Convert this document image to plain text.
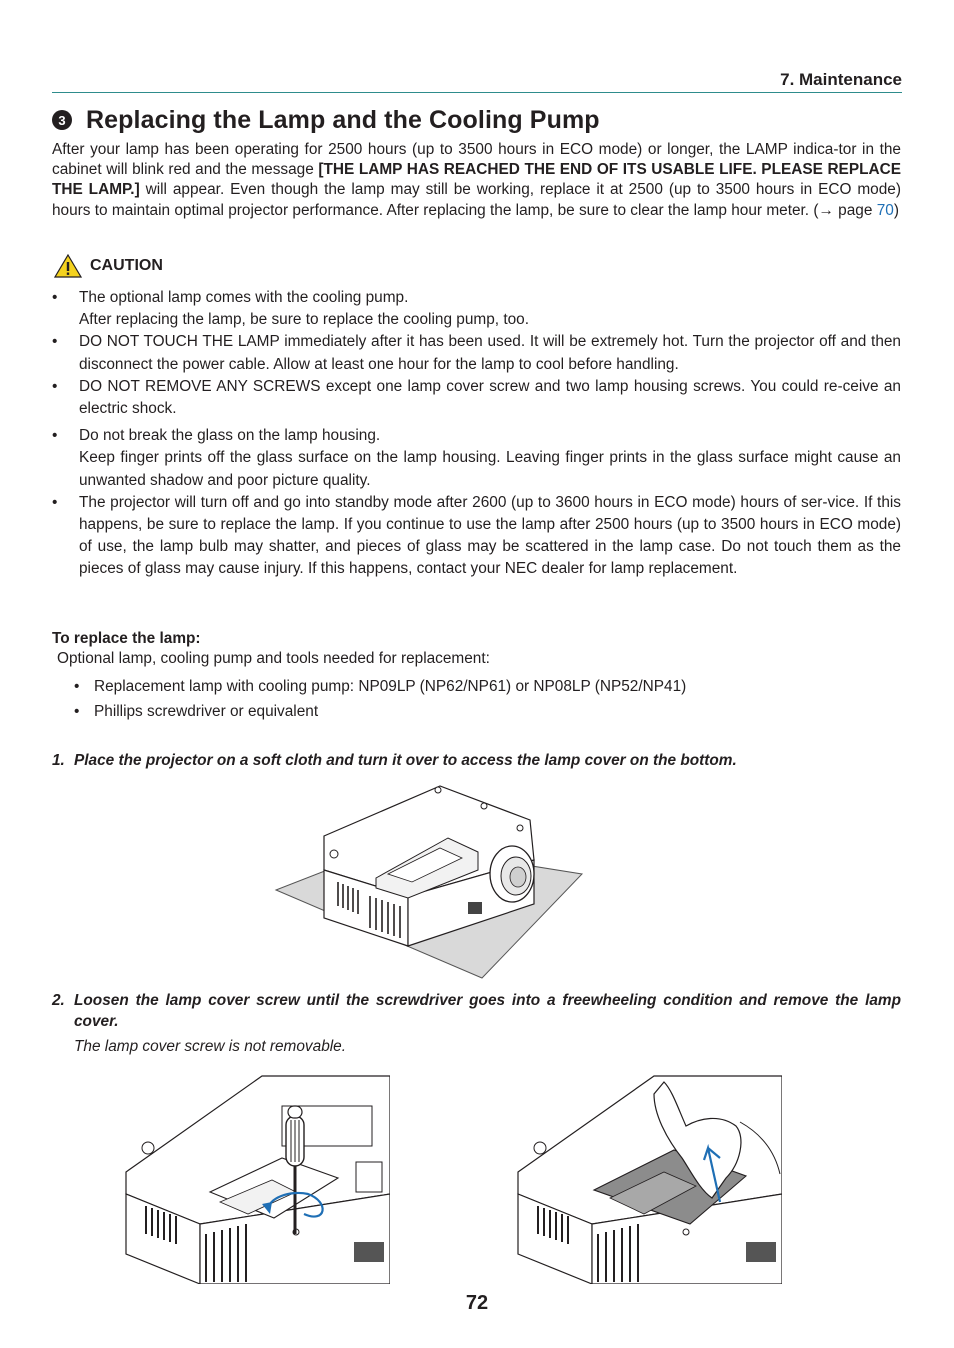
7. Maintenance
3 Replacing the Lamp and the Cooling Pump
After your lamp has been operating for 2500 hours (up to 3500 hours in ECO mode) or longer, the LAMP indica-tor in the cabinet will blink red and the message [THE LAMP HAS REACHED THE END OF ITS USABLE LIFE. PLEASE REPLACE THE LAMP.] will appear. Even though the lamp may still be working, replace it at 2500 (up to 3500 hours in ECO mode) hours to maintain optimal projector performance. After replacing the lamp, be sure to clear the lamp hour meter. (→ page 70)
CAUTION
• The optional lamp comes with the cooling pump.
After replacing the lamp, be sure to replace the cooling pump, too.
• DO NOT TOUCH THE LAMP immediately after it has been used. It will be extremely hot. Turn the projector off and then disconnect the power cable. Allow at least one hour for the lamp to cool before handling.
• DO NOT REMOVE ANY SCREWS except one lamp cover screw and two lamp housing screws. You could re-ceive an electric shock.
• Do not break the glass on the lamp housing.
Keep finger prints off the glass surface on the lamp housing. Leaving finger prints in the glass surface might cause an unwanted shadow and poor picture quality.
• The projector will turn off and go into standby mode after 2600 (up to 3600 hours in ECO mode) hours of ser-vice. If this happens, be sure to replace the lamp. If you continue to use the lamp after 2500 hours (up to 3500 hours in ECO mode) of use, the lamp bulb may shatter, and pieces of glass may be scattered in the lamp case. Do not touch them as the pieces of glass may cause injury. If this happens, contact your NEC dealer for lamp replacement.
To replace the lamp:
Optional lamp, cooling pump and tools needed for replacement:
• Replacement lamp with cooling pump: NP09LP (NP62/NP61) or NP08LP (NP52/NP41)
• Phillips screwdriver or equivalent
1. Place the projector on a soft cloth and turn it over to access the lamp cover on the bottom.
2. Loosen the lamp cover screw until the screwdriver goes into a freewheeling condition and remove the lamp cover.
The lamp cover screw is not removable.
72
